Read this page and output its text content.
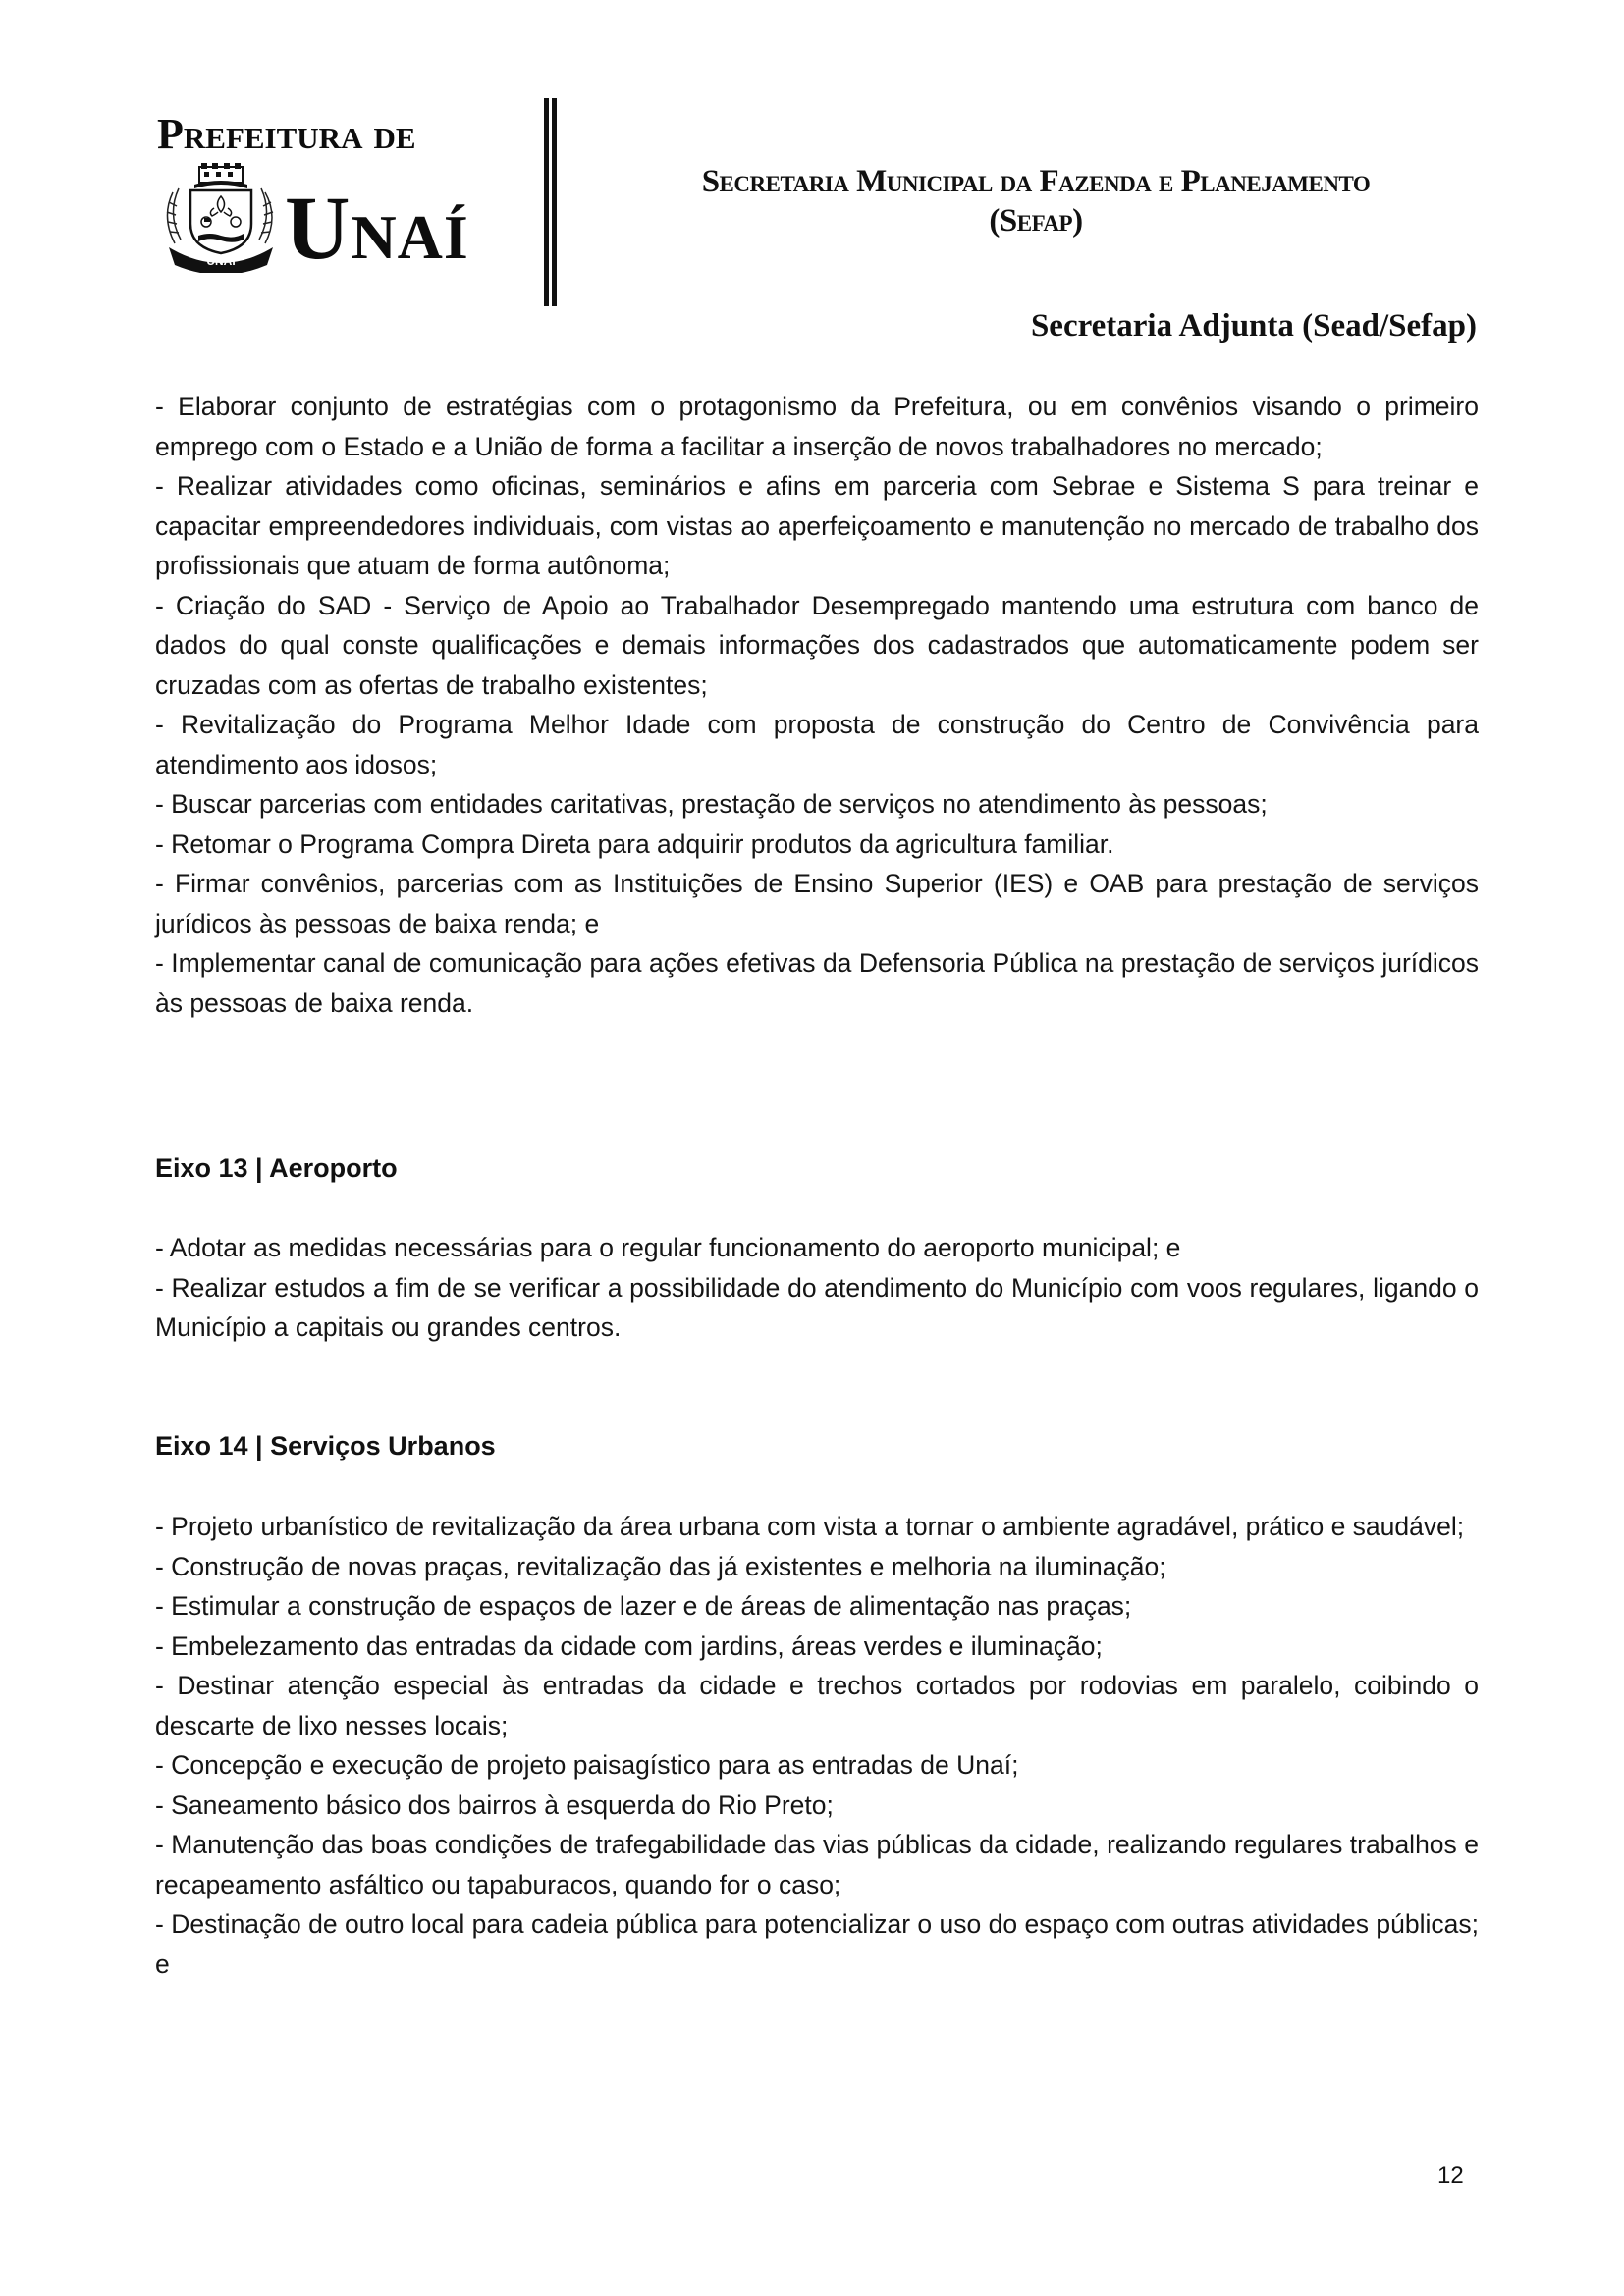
Prefeitura de
UNAÍ Unaí	Secretaria Municipal da Fazenda e Planejamento
(Sefap)
Secretaria Adjunta (Sead/Sefap)

- Elaborar conjunto de estratégias com o protagonismo da Prefeitura, ou em convênios visando o primeiro emprego com o Estado e a União de forma a facilitar a inserção de novos trabalhadores no mercado;

- Realizar atividades como oficinas, seminários e afins em parceria com Sebrae e Sistema S para treinar e capacitar empreendedores individuais, com vistas ao aperfeiçoamento e manutenção no mercado de trabalho dos profissionais que atuam de forma autônoma;

- Criação do SAD - Serviço de Apoio ao Trabalhador Desempregado mantendo uma estrutura com banco de dados do qual conste qualificações e demais informações dos cadastrados que automaticamente podem ser cruzadas com as ofertas de trabalho existentes;

- Revitalização do Programa Melhor Idade com proposta de construção do Centro de Convivência para atendimento aos idosos;

- Buscar parcerias com entidades caritativas, prestação de serviços no atendimento às pessoas;

- Retomar o Programa Compra Direta para adquirir produtos da agricultura familiar.

- Firmar convênios, parcerias com as Instituições de Ensino Superior (IES) e OAB para prestação de serviços jurídicos às pessoas de baixa renda; e

- Implementar canal de comunicação para ações efetivas da Defensoria Pública na prestação de serviços jurídicos às pessoas de baixa renda.

Eixo 13 | Aeroporto

- Adotar as medidas necessárias para o regular funcionamento do aeroporto municipal; e

- Realizar estudos a fim de se verificar a possibilidade do atendimento do Município com voos regulares, ligando o Município a capitais ou grandes centros.

Eixo 14 | Serviços Urbanos

- Projeto urbanístico de revitalização da área urbana com vista a tornar o ambiente agradável, prático e saudável;

- Construção de novas praças, revitalização das já existentes e melhoria na iluminação;

- Estimular a construção de espaços de lazer e de áreas de alimentação nas praças;

- Embelezamento das entradas da cidade com jardins, áreas verdes e iluminação;

- Destinar atenção especial às entradas da cidade e trechos cortados por rodovias em paralelo, coibindo o descarte de lixo nesses locais;

- Concepção e execução de projeto paisagístico para as entradas de Unaí;

- Saneamento básico dos bairros à esquerda do Rio Preto;

- Manutenção das boas condições de trafegabilidade das vias públicas da cidade, realizando regulares trabalhos e recapeamento asfáltico ou tapaburacos, quando for o caso;

- Destinação de outro local para cadeia pública para potencializar o uso do espaço com outras atividades públicas; e

12
